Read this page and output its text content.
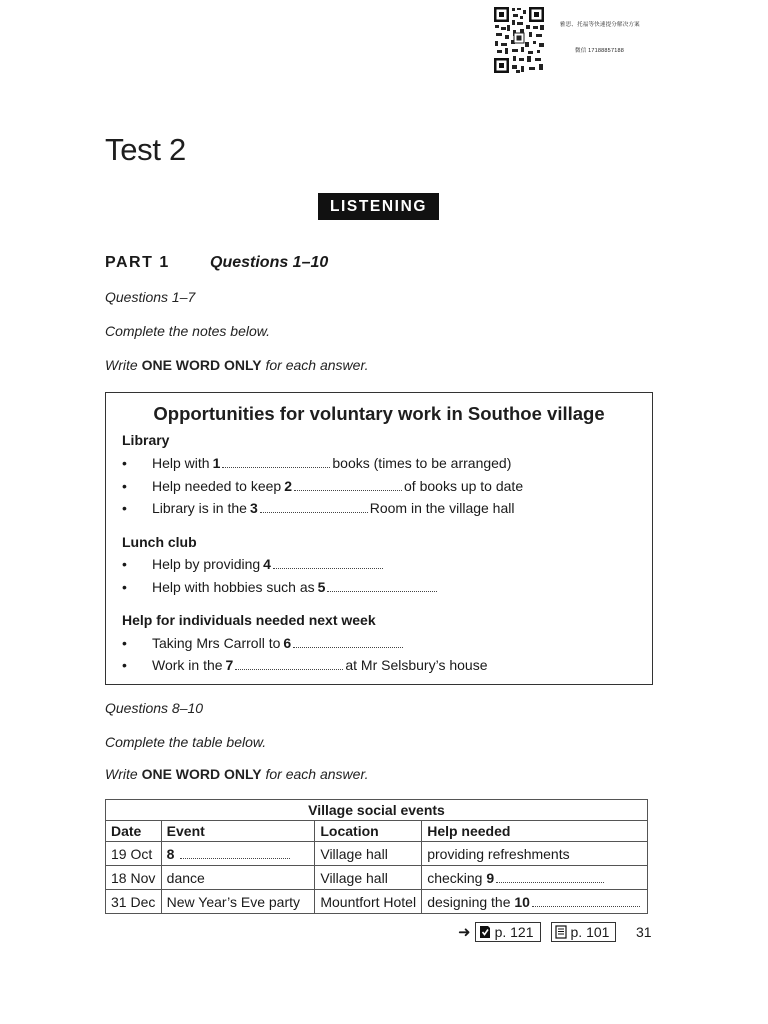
雅思、托福等快速提分解决方案
微信 17188857188
Test 2
LISTENING
PART 1	Questions 1–10
Questions 1–7
Complete the notes below.
Write ONE WORD ONLY for each answer.
Opportunities for voluntary work in Southoe village
Library
•	Help with 1	books (times to be arranged)
•	Help needed to keep 2	of books up to date
•	Library is in the 3	Room in the village hall
Lunch club
•	Help by providing 4
•	Help with hobbies such as 5
Help for individuals needed next week
•	Taking Mrs Carroll to 6
•	Work in the 7	at Mr Selsbury’s house
Questions 8–10
Complete the table below.
Write ONE WORD ONLY for each answer.
Village social events			
Date	Event	Location	Help needed
19 Oct	8	Village hall	providing refreshments
18 Nov	dance	Village hall	checking 9
31 Dec	New Year’s Eve party	Mountfort Hotel	designing the 10
➜ p. 121	p. 101 31
